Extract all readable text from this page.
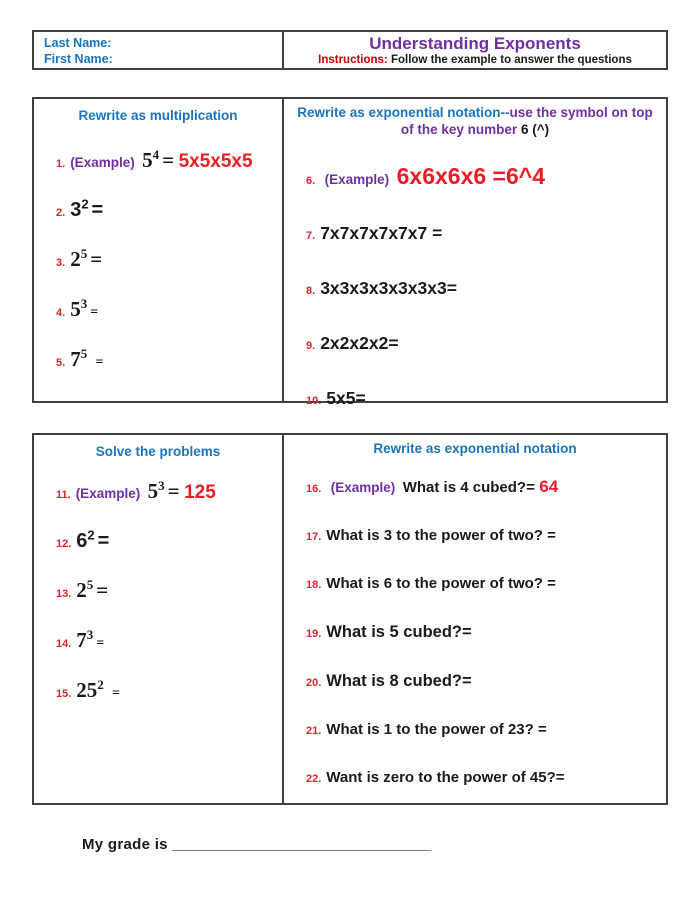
Last Name:
First Name:
Understanding Exponents
Instructions: Follow the example to answer the questions
Rewrite as multiplication
1. (Example) $5^4 = 5x5x5x5$
2. $3^2$ =
3. $2^5$ =
4. $5^3=$
5. $7^5$ =
Rewrite as exponential notation--use the symbol on top of the key number 6 (^)
6. (Example) 6x6x6x6 =6^4
7. 7x7x7x7x7x7 =
8. 3x3x3x3x3x3x3=
9. 2x2x2x2=
10. 5x5=
Solve the problems
11. (Example) $5^3 = 125$
12. $6^2$ =
13. $2^5$ =
14. $7^3=$
15. $25^2$ =
Rewrite as exponential notation
16. (Example) What is 4 cubed?= 64
17. What is 3 to the power of two? =
18. What is 6 to the power of two? =
19. What is 5 cubed?=
20. What is 8 cubed?=
21. What is 1 to the power of 23? =
22. Want is zero to the power of 45?=
My grade is _______________________________
